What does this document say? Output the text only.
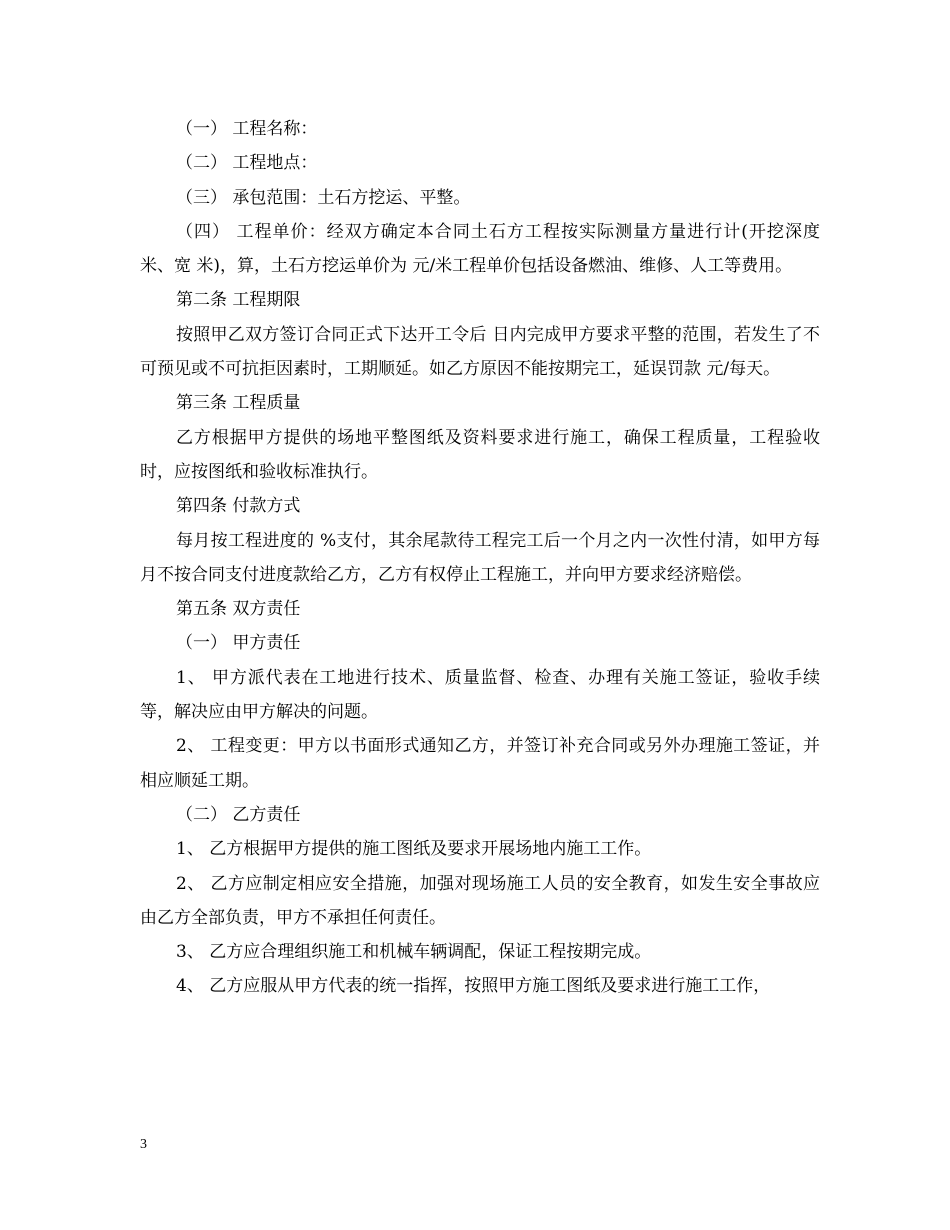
（一） 工程名称：

（二） 工程地点：

（三） 承包范围：土石方挖运、平整。

（四） 工程单价：经双方确定本合同土石方工程按实际测量方量进行计(开挖深度 米、宽 米)，算，土石方挖运单价为 元/米工程单价包括设备燃油、维修、人工等费用。

第二条 工程期限

按照甲乙双方签订合同正式下达开工令后 日内完成甲方要求平整的范围，若发生了不可预见或不可抗拒因素时，工期顺延。如乙方原因不能按期完工，延误罚款 元/每天。

第三条 工程质量

乙方根据甲方提供的场地平整图纸及资料要求进行施工，确保工程质量，工程验收时，应按图纸和验收标准执行。

第四条 付款方式

每月按工程进度的 %支付，其余尾款待工程完工后一个月之内一次性付清，如甲方每月不按合同支付进度款给乙方，乙方有权停止工程施工，并向甲方要求经济赔偿。

第五条 双方责任

（一） 甲方责任

1、 甲方派代表在工地进行技术、质量监督、检查、办理有关施工签证，验收手续等，解决应由甲方解决的问题。

2、 工程变更：甲方以书面形式通知乙方，并签订补充合同或另外办理施工签证，并相应顺延工期。

（二） 乙方责任

1、 乙方根据甲方提供的施工图纸及要求开展场地内施工工作。

2、 乙方应制定相应安全措施，加强对现场施工人员的安全教育，如发生安全事故应由乙方全部负责，甲方不承担任何责任。

3、 乙方应合理组织施工和机械车辆调配，保证工程按期完成。

4、 乙方应服从甲方代表的统一指挥，按照甲方施工图纸及要求进行施工工作，

3
